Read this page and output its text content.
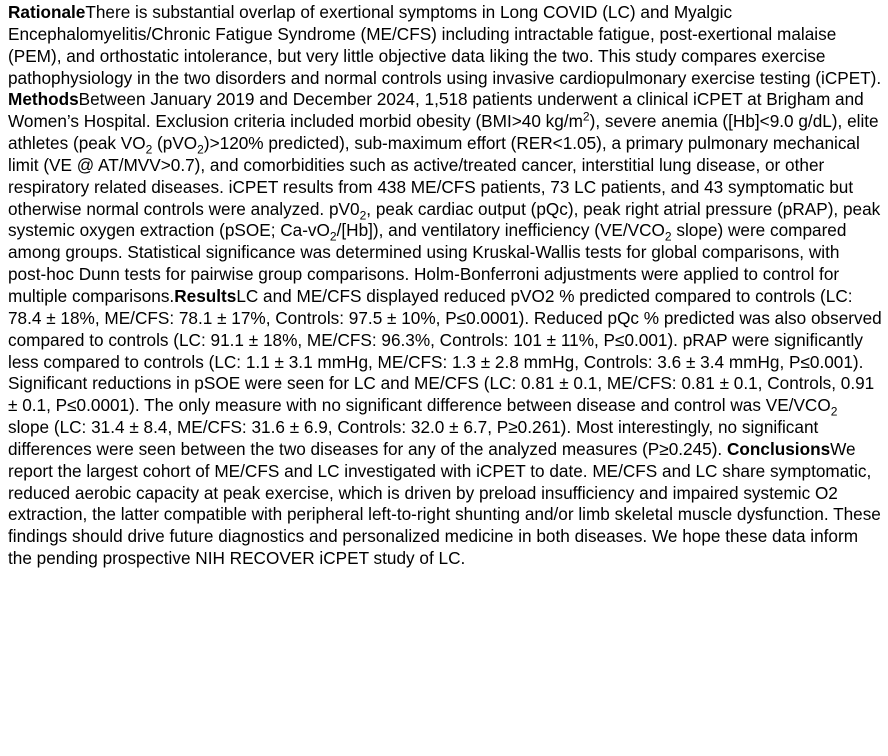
RationaleThere is substantial overlap of exertional symptoms in Long COVID (LC) and Myalgic Encephalomyelitis/Chronic Fatigue Syndrome (ME/CFS) including intractable fatigue, post-exertional malaise (PEM), and orthostatic intolerance, but very little objective data liking the two. This study compares exercise pathophysiology in the two disorders and normal controls using invasive cardiopulmonary exercise testing (iCPET). MethodsBetween January 2019 and December 2024, 1,518 patients underwent a clinical iCPET at Brigham and Women’s Hospital. Exclusion criteria included morbid obesity (BMI>40 $kg/m^2$), severe anemia ([Hb]<9.0 g/dL), elite athletes (peak $VO_2$ (pVO$_2$)>120% predicted), sub-maximum effort (RER<1.05), a primary pulmonary mechanical limit (VE @ AT/MVV>0.7), and comorbidities such as active/treated cancer, interstitial lung disease, or other respiratory related diseases. iCPET results from 438 ME/CFS patients, 73 LC patients, and 43 symptomatic but otherwise normal controls were analyzed. $pV0_2$, peak cardiac output (pQc), peak right atrial pressure (pRAP), peak systemic oxygen extraction (pSOE; $Ca-vO_2/[Hb]$), and ventilatory inefficiency ($VE/VCO_2$ slope) were compared among groups. Statistical significance was determined using Kruskal-Wallis tests for global comparisons, with post-hoc Dunn tests for pairwise group comparisons. Holm-Bonferroni adjustments were applied to control for multiple comparisons.ResultsLC and ME/CFS displayed reduced pVO2 % predicted compared to controls (LC: 78.4 ± 18%, ME/CFS: 78.1 ± 17%, Controls: 97.5 ± 10%, P≤0.0001). Reduced pQc % predicted was also observed compared to controls (LC: 91.1 ± 18%, ME/CFS: 96.3%, Controls: 101 ± 11%, P≤0.001). pRAP were significantly less compared to controls (LC: 1.1 ± 3.1 mmHg, ME/CFS: 1.3 ± 2.8 mmHg, Controls: 3.6 ± 3.4 mmHg, P≤0.001). Significant reductions in pSOE were seen for LC and ME/CFS (LC: 0.81 ± 0.1, ME/CFS: 0.81 ± 0.1, Controls, 0.91 ± 0.1, P≤0.0001). The only measure with no significant difference between disease and control was $VE/VCO_2$ slope (LC: 31.4 ± 8.4, ME/CFS: 31.6 ± 6.9, Controls: 32.0 ± 6.7, P≥0.261). Most interestingly, no significant differences were seen between the two diseases for any of the analyzed measures (P≥0.245). ConclusionsWe report the largest cohort of ME/CFS and LC investigated with iCPET to date. ME/CFS and LC share symptomatic, reduced aerobic capacity at peak exercise, which is driven by preload insufficiency and impaired systemic O2 extraction, the latter compatible with peripheral left-to-right shunting and/or limb skeletal muscle dysfunction. These findings should drive future diagnostics and personalized medicine in both diseases. We hope these data inform the pending prospective NIH RECOVER iCPET study of LC.
